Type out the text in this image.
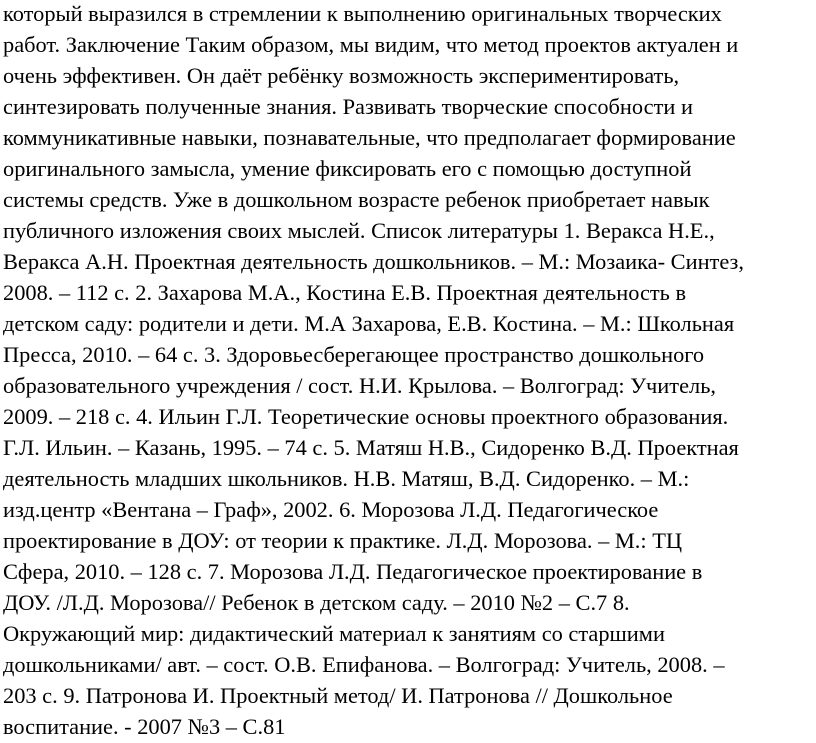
который выразился в стремлении к выполнению оригинальных творческих
работ. Заключение Таким образом, мы видим, что метод проектов актуален и
очень эффективен. Он даёт ребёнку возможность экспериментировать,
синтезировать полученные знания. Развивать творческие способности и
коммуникативные навыки, познавательные, что предполагает формирование
оригинального замысла, умение фиксировать его с помощью доступной
системы средств. Уже в дошкольном возрасте ребенок приобретает навык
публичного изложения своих мыслей. Список литературы 1. Веракса Н.Е.,
Веракса А.Н. Проектная деятельность дошкольников. – М.: Мозаика- Синтез,
2008. – 112 с. 2. Захарова М.А., Костина Е.В. Проектная деятельность в
детском саду: родители и дети. М.А Захарова, Е.В. Костина. – М.: Школьная
Пресса, 2010. – 64 с. 3. Здоровьесберегающее пространство дошкольного
образовательного учреждения / сост. Н.И. Крылова. – Волгоград: Учитель,
2009. – 218 с. 4. Ильин Г.Л. Теоретические основы проектного образования.
Г.Л. Ильин. – Казань, 1995. – 74 с. 5. Матяш Н.В., Сидоренко В.Д. Проектная
деятельность младших школьников. Н.В. Матяш, В.Д. Сидоренко. – М.:
изд.центр «Вентана – Граф», 2002. 6. Морозова Л.Д. Педагогическое
проектирование в ДОУ: от теории к практике. Л.Д. Морозова. – М.: ТЦ
Сфера, 2010. – 128 с. 7. Морозова Л.Д. Педагогическое проектирование в
ДОУ. /Л.Д. Морозова// Ребенок в детском саду. – 2010 №2 – С.7 8.
Окружающий мир: дидактический материал к занятиям со старшими
дошкольниками/ авт. – сост. О.В. Епифанова. – Волгоград: Учитель, 2008. –
203 с. 9. Патронова И. Проектный метод/ И. Патронова // Дошкольное
воспитание. - 2007 №3 – С.81
